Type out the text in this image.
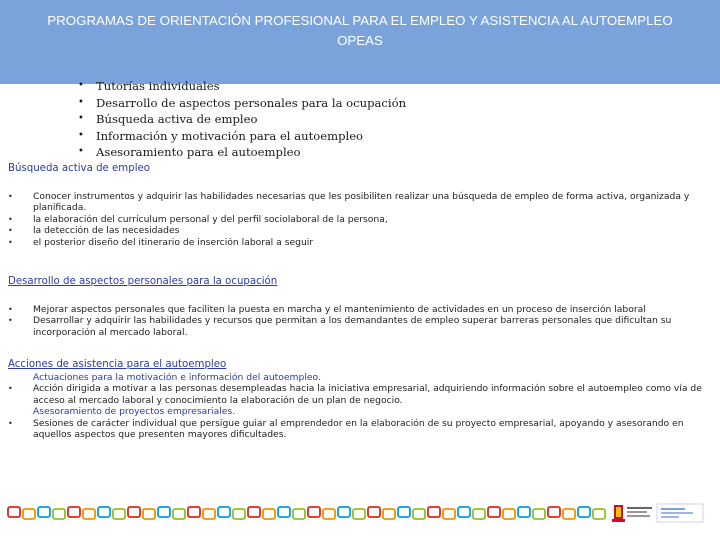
PROGRAMAS DE ORIENTACIÓN PROFESIONAL PARA EL EMPLEO Y ASISTENCIA AL AUTOEMPLEO
OPEAS
• Tutorías individuales
• Desarrollo de aspectos personales para la ocupación
• Búsqueda activa de empleo
• Información y motivación para el autoempleo
• Asesoramiento para el autoempleo
Búsqueda activa de empleo
• Conocer instrumentos y adquirir las habilidades necesarias que les posibiliten realizar una búsqueda de empleo de forma activa, organizada y planificada.
• la elaboración del currículum personal y del perfil sociolaboral de la persona,
• la detección de las necesidades
• el posterior diseño del itinerario de inserción laboral a seguir
Desarrollo de aspectos personales para la ocupación
• Mejorar aspectos personales que faciliten la puesta en marcha y el mantenimiento de actividades en un proceso de inserción laboral
• Desarrollar y adquirir las habilidades y recursos que permitan a los demandantes de empleo superar barreras personales que dificultan su incorporación al mercado laboral.
Acciones de asistencia para el autoempleo
Actuaciones para la motivación e información del autoempleo.
• Acción dirigida a motivar a las personas desempleadas hacia la iniciativa empresarial, adquiriendo información sobre el autoempleo como vía de acceso al mercado laboral y conocimiento la elaboración de un plan de negocio.
Asesoramiento de proyectos empresariales.
• Sesiones de carácter individual que persigue guiar al emprendedor en la elaboración de su proyecto empresarial, apoyando y asesorando en aquellos aspectos que presenten mayores dificultades.
